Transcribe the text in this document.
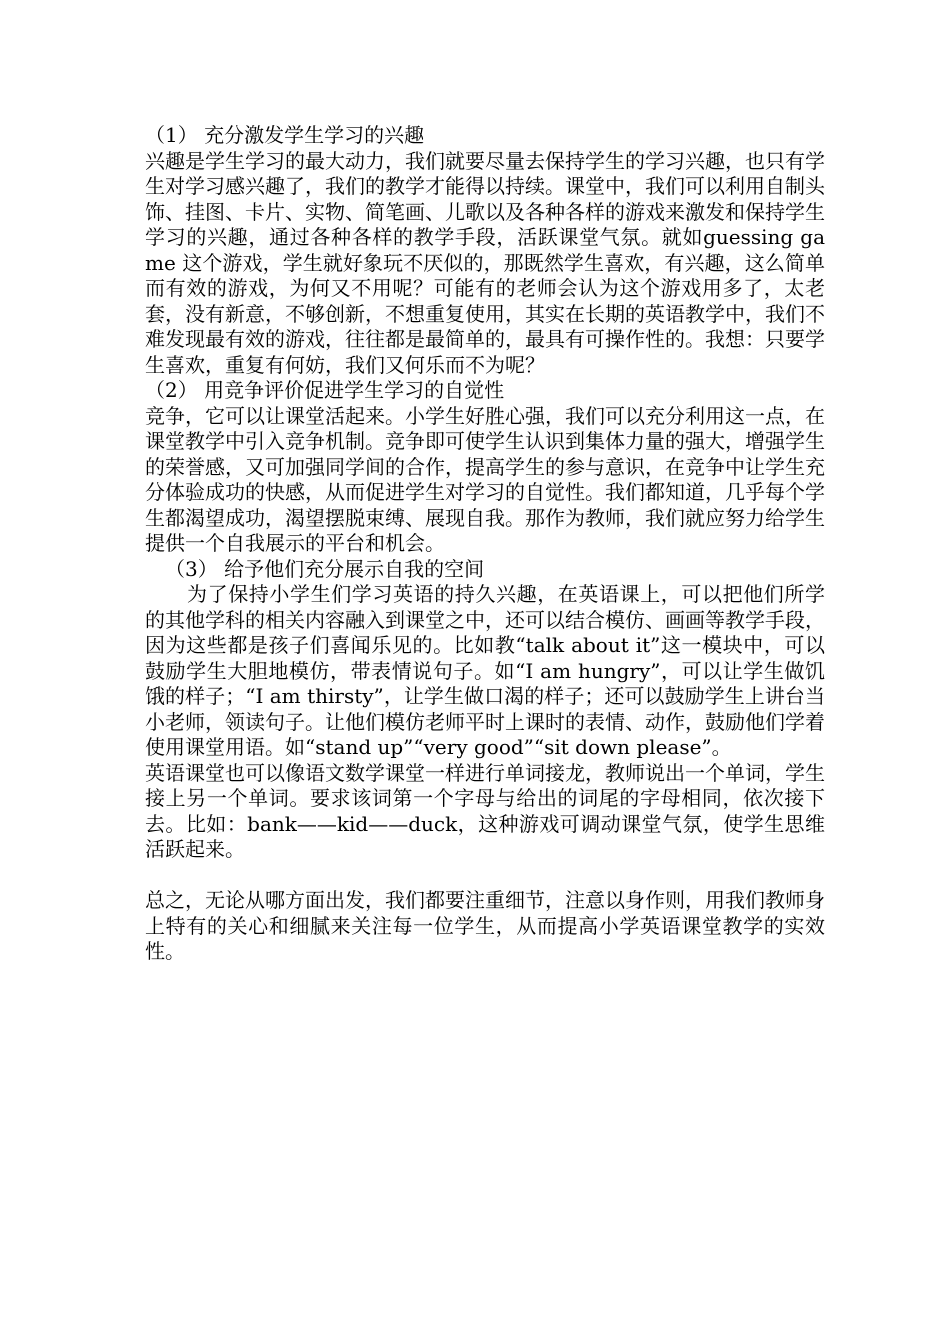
（1） 充分激发学生学习的兴趣

兴趣是学生学习的最大动力，我们就要尽量去保持学生的学习兴趣，也只有学生对学习感兴趣了，我们的教学才能得以持续。课堂中，我们可以利用自制头饰、挂图、卡片、实物、简笔画、儿歌以及各种各样的游戏来激发和保持学生学习的兴趣，通过各种各样的教学手段，活跃课堂气氛。就如guessing game 这个游戏，学生就好象玩不厌似的，那既然学生喜欢，有兴趣，这么简单而有效的游戏，为何又不用呢？可能有的老师会认为这个游戏用多了，太老套，没有新意，不够创新，不想重复使用，其实在长期的英语教学中，我们不难发现最有效的游戏，往往都是最简单的，最具有可操作性的。我想：只要学生喜欢，重复有何妨，我们又何乐而不为呢？

（2） 用竞争评价促进学生学习的自觉性

竞争，它可以让课堂活起来。小学生好胜心强，我们可以充分利用这一点，在课堂教学中引入竞争机制。竞争即可使学生认识到集体力量的强大，增强学生的荣誉感，又可加强同学间的合作，提高学生的参与意识，在竞争中让学生充分体验成功的快感，从而促进学生对学习的自觉性。我们都知道，几乎每个学生都渴望成功，渴望摆脱束缚、展现自我。那作为教师，我们就应努力给学生提供一个自我展示的平台和机会。

（3） 给予他们充分展示自我的空间

为了保持小学生们学习英语的持久兴趣，在英语课上，可以把他们所学的其他学科的相关内容融入到课堂之中，还可以结合模仿、画画等教学手段，因为这些都是孩子们喜闻乐见的。比如教“talk about it”这一模块中，可以鼓励学生大胆地模仿，带表情说句子。如“I am hungry”，可以让学生做饥饿的样子；“I am thirsty”，让学生做口渴的样子；还可以鼓励学生上讲台当小老师，领读句子。让他们模仿老师平时上课时的表情、动作，鼓励他们学着使用课堂用语。如“stand up”“very good”“sit down please”。

英语课堂也可以像语文数学课堂一样进行单词接龙，教师说出一个单词，学生接上另一个单词。要求该词第一个字母与给出的词尾的字母相同，依次接下去。比如：bank——kid——duck，这种游戏可调动课堂气氛，使学生思维活跃起来。

总之，无论从哪方面出发，我们都要注重细节，注意以身作则，用我们教师身上特有的关心和细腻来关注每一位学生，从而提高小学英语课堂教学的实效性。
